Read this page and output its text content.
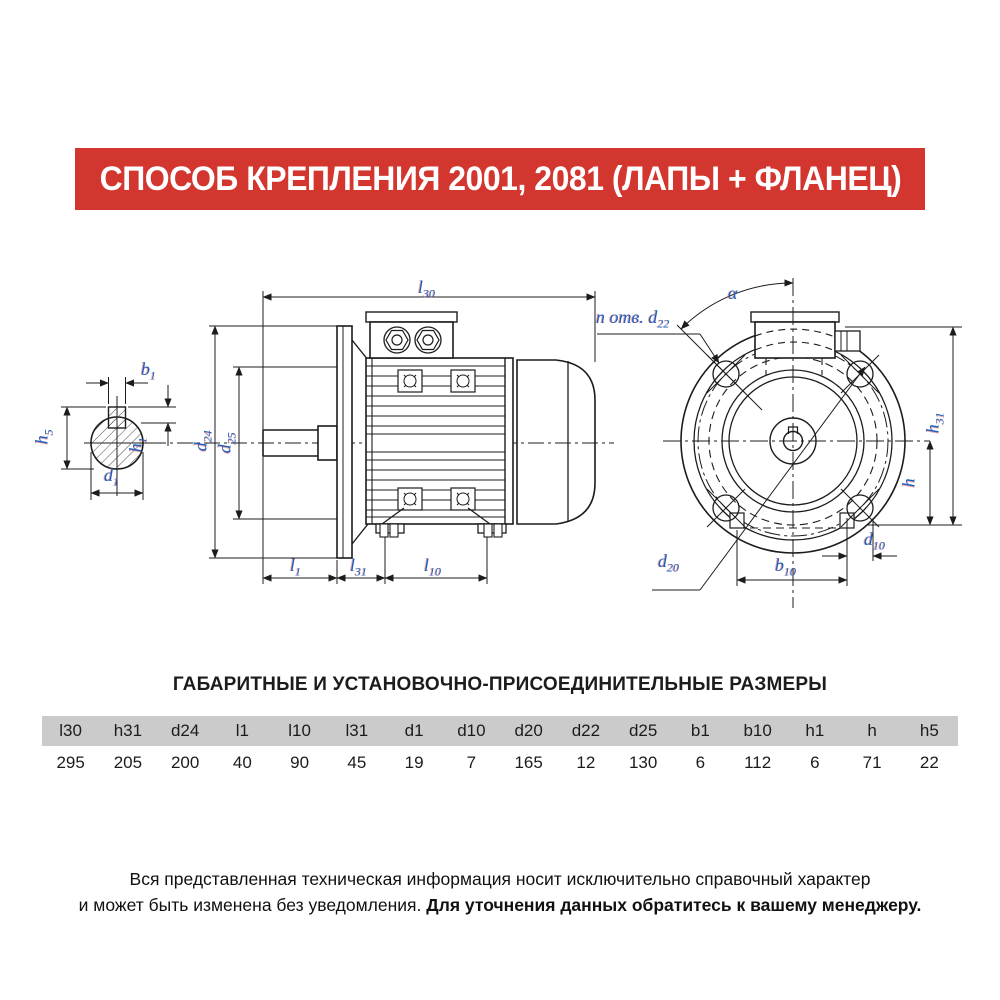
СПОСОБ КРЕПЛЕНИЯ 2001, 2081 (ЛАПЫ + ФЛАНЕЦ)
$b_1$
$h_5$
$h_1$
$d_1$
$l_{30}$
$d_{24}$
$d_{25}$
$l_1$	$l_{31}$	$l_{10}$
n отв. $d_{22}$
α
$h_{31}$
h
$d_{10}$
$b_{10}$
$d_{20}$
ГАБАРИТНЫЕ И УСТАНОВОЧНО-ПРИСОЕДИНИТЕЛЬНЫЕ РАЗМЕРЫ
l30	h31	d24	l1	l10	l31	d1	d10	d20	d22	d25	b1	b10	h1	h	h5
295	205	200	40	90	45	19	7	165	12	130	6	112	6	71	22

Вся представленная техническая информация носит исключительно справочный характер
и может быть изменена без уведомления. Для уточнения данных обратитесь к вашему менеджеру.
